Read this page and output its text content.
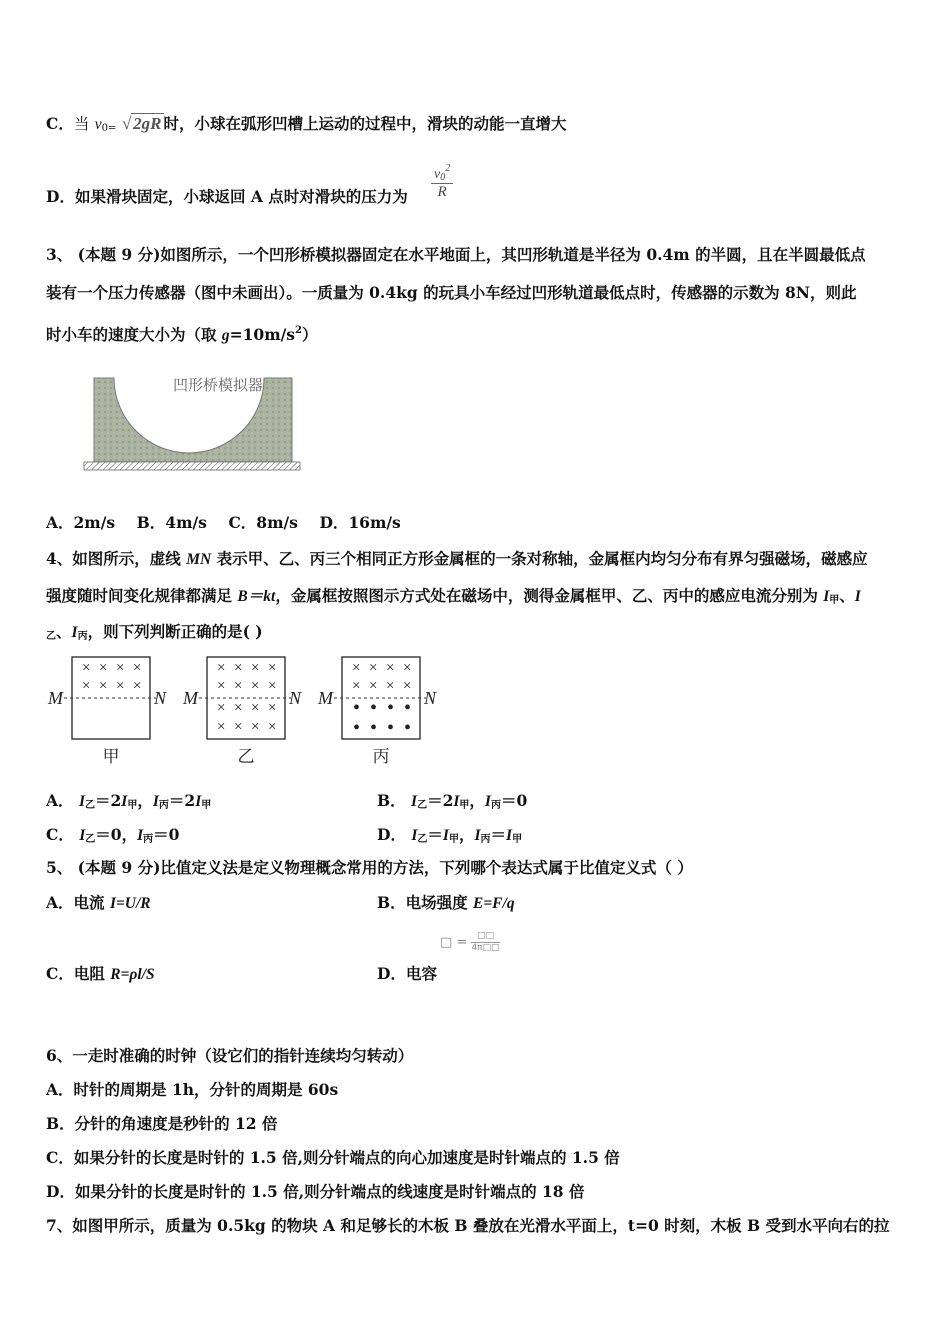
C．当 $v_{0=}$ √ 2gR 时，小球在弧形凹槽上运动的过程中，滑块的动能一直增大
D．如果滑块固定，小球返回 A 点时对滑块的压力为 $\frac{v_0^2}{R}$
3、 (本题 9 分)如图所示，一个凹形桥模拟器固定在水平地面上，其凹形轨道是半径为 0.4m 的半圆，且在半圆最低点
装有一个压力传感器（图中未画出）。一质量为 0.4kg 的玩具小车经过凹形轨道最低点时，传感器的示数为 8N，则此
时小车的速度大小为（取 $g=10m/s^2$）
凹形桥模拟器
A．2m/s    B．4m/s    C．8m/s    D．16m/s
4、如图所示，虚线 MN 表示甲、乙、丙三个相同正方形金属框的一条对称轴，金属框内均匀分布有界匀强磁场，磁感应
强度随时间变化规律都满足 B＝kt，金属框按照图示方式处在磁场中，测得金属框甲、乙、丙中的感应电流分别为 $I_甲$、I
$_乙$、$I_丙$，则下列判断正确的是( )
× × × ×
× × × ×
M	N
× × × ×
× × × ×
× × × ×
× × × ×
M	N
× × × ×
× × × ×
• • • •
• • • •
M	N
甲	乙	丙
A． $I_乙=2I_甲$，$I_丙=2I_甲$	B． $I_乙=2I_甲$，$I_丙=0$
C． $I_乙=0$，$I_丙=0$	D． $I_乙=I_甲$，$I_丙=I_甲$
5、 (本题 9 分)比值定义法是定义物理概念常用的方法，下列哪个表达式属于比值定义式（ ）
A．电流 I=U/R	B．电场强度 E=F/q
□ =	□□
4π□□
C．电阻 R=ρl/S	D．电容
6、一走时准确的时钟（设它们的指针连续均匀转动）
A．时针的周期是 1h，分针的周期是 60s
B．分针的角速度是秒针的 12 倍
C．如果分针的长度是时针的 1.5 倍,则分针端点的向心加速度是时针端点的 1.5 倍
D．如果分针的长度是时针的 1.5 倍,则分针端点的线速度是时针端点的 18 倍
7、如图甲所示，质量为 0.5kg 的物块 A 和足够长的木板 B 叠放在光滑水平面上，t=0 时刻，木板 B 受到水平向右的拉
